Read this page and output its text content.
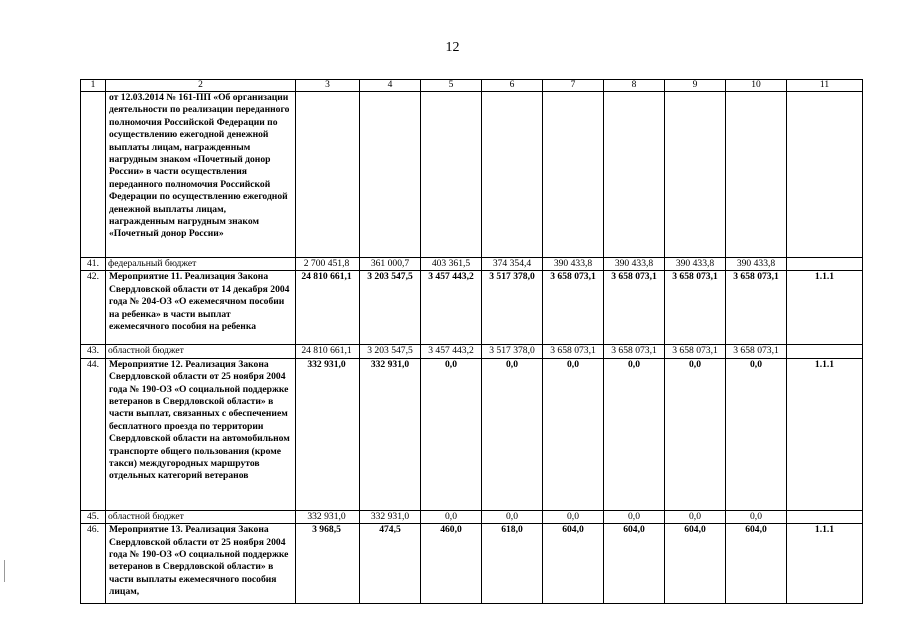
12
1	2	3	4	5	6	7	8	9	10	11
	от 12.03.2014 № 161-ПП «Об организации деятельности по реализации переданного полномочия Российской Федерации по осуществлению ежегодной денежной выплаты лицам, награжденным нагрудным знаком «Почетный донор России» в части осуществления переданного полномочия Российской Федерации по осуществлению ежегодной денежной выплаты лицам, награжденным нагрудным знаком «Почетный донор России»									
41.	федеральный бюджет	2 700 451,8	361 000,7	403 361,5	374 354,4	390 433,8	390 433,8	390 433,8	390 433,8	
42.	Мероприятие 11. Реализация Закона Свердловской области от 14 декабря 2004 года № 204-ОЗ «О ежемесячном пособии на ребенка» в части выплат ежемесячного пособия на ребенка	24 810 661,1	3 203 547,5	3 457 443,2	3 517 378,0	3 658 073,1	3 658 073,1	3 658 073,1	3 658 073,1	1.1.1
43.	областной бюджет	24 810 661,1	3 203 547,5	3 457 443,2	3 517 378,0	3 658 073,1	3 658 073,1	3 658 073,1	3 658 073,1	
44.	Мероприятие 12. Реализация Закона Свердловской области от 25 ноября 2004 года № 190-ОЗ «О социальной поддержке ветеранов в Свердловской области» в части выплат, связанных с обеспечением бесплатного проезда по территории Свердловской области на автомобильном транспорте общего пользования (кроме такси) междугородных маршрутов отдельных категорий ветеранов	332 931,0	332 931,0	0,0	0,0	0,0	0,0	0,0	0,0	1.1.1
45.	областной бюджет	332 931,0	332 931,0	0,0	0,0	0,0	0,0	0,0	0,0	
46.	Мероприятие 13. Реализация Закона Свердловской области от 25 ноября 2004 года № 190-ОЗ «О социальной поддержке ветеранов в Свердловской области» в части выплаты ежемесячного пособия лицам,	3 968,5	474,5	460,0	618,0	604,0	604,0	604,0	604,0	1.1.1
